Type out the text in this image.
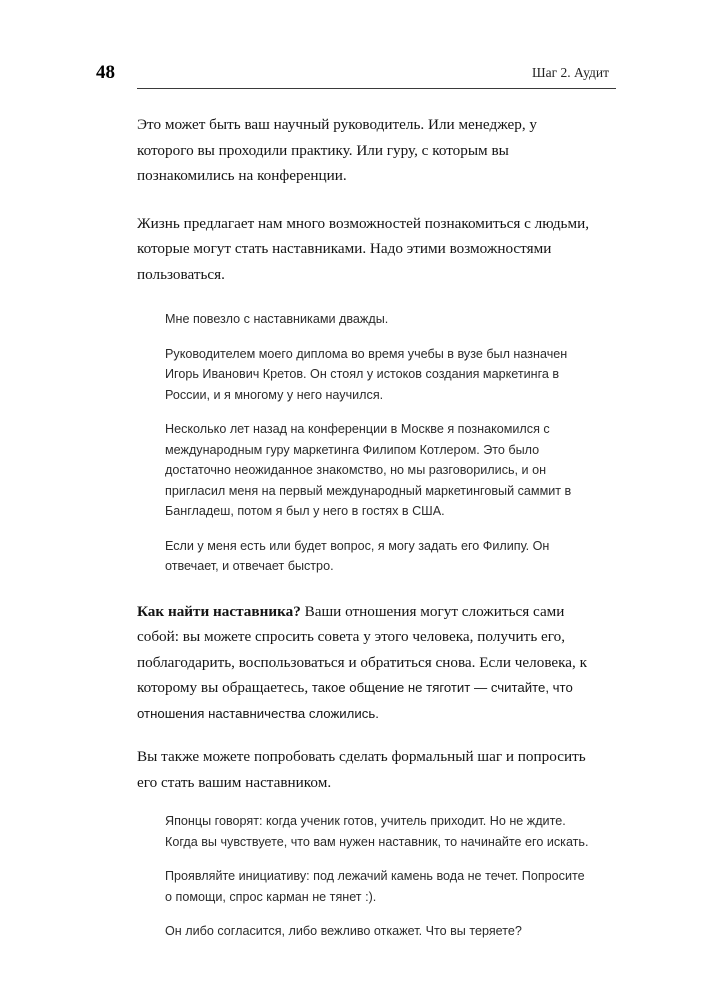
48	Шаг 2. Аудит

Это может быть ваш научный руководитель. Или менеджер, у которого вы проходили практику. Или гуру, с которым вы познакомились на конференции.

Жизнь предлагает нам много возможностей познакомиться с людьми, которые могут стать наставниками. Надо этими возможностями пользоваться.

Мне повезло с наставниками дважды.

Руководителем моего диплома во время учебы в вузе был назначен Игорь Иванович Кретов. Он стоял у истоков создания маркетинга в России, и я многому у него научился.

Несколько лет назад на конференции в Москве я познакомился с международным гуру маркетинга Филипом Котлером. Это было достаточно неожиданное знакомство, но мы разговорились, и он пригласил меня на первый международный маркетинговый саммит в Бангладеш, потом я был у него в гостях в США.

Если у меня есть или будет вопрос, я могу задать его Филипу. Он отвечает, и отвечает быстро.

Как найти наставника? Ваши отношения могут сложиться сами собой: вы можете спросить совета у этого человека, получить его, поблагодарить, воспользоваться и обратиться снова. Если человека, к которому вы обращаетесь, такое общение не тяготит — считайте, что отношения наставничества сложились.

Вы также можете попробовать сделать формальный шаг и попросить его стать вашим наставником.

Японцы говорят: когда ученик готов, учитель приходит. Но не ждите. Когда вы чувствуете, что вам нужен наставник, то начинайте его искать.

Проявляйте инициативу: под лежачий камень вода не течет. Попросите о помощи, спрос карман не тянет :).

Он либо согласится, либо вежливо откажет. Что вы теряете?
